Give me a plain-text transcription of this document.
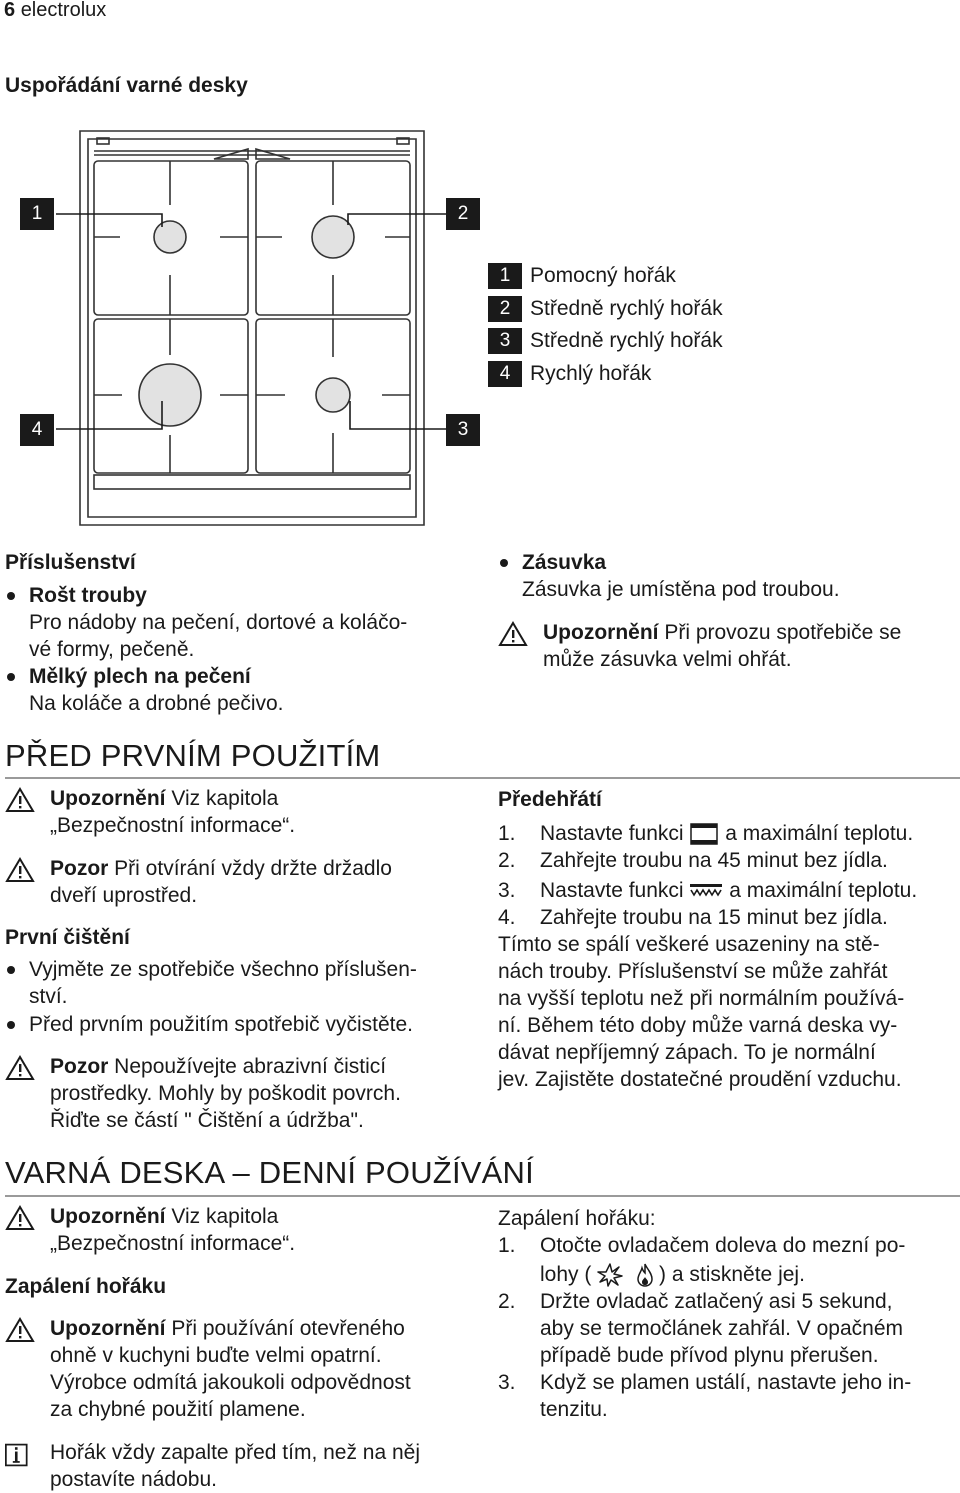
6 electrolux
Uspořádání varné desky
1	2
4	3
1 Pomocný hořák
2 Středně rychlý hořák
3 Středně rychlý hořák
4 Rychlý hořák
Příslušenství
Rošt trouby
Pro nádoby na pečení, dortové a koláčo-
vé formy, pečeně.
Mělký plech na pečení
Na koláče a drobné pečivo.
Zásuvka
Zásuvka je umístěna pod troubou.
Upozornění Při provozu spotřebiče se
může zásuvka velmi ohřát.
PŘED PRVNÍM POUŽITÍM
Upozornění Viz kapitola
„Bezpečnostní informace“.
Pozor Při otvírání vždy držte držadlo
dveří uprostřed.
První čištění
Vyjměte ze spotřebiče všechno příslušen-
ství.
Před prvním použitím spotřebič vyčistěte.
Pozor Nepoužívejte abrazivní čisticí
prostředky. Mohly by poškodit povrch.
Řiďte se částí " Čištění a údržba".
Předehřátí
1. Nastavte funkci  a maximální teplotu.
2. Zahřejte troubu na 45 minut bez jídla.
3. Nastavte funkci  a maximální teplotu.
4. Zahřejte troubu na 15 minut bez jídla.
Tímto se spálí veškeré usazeniny na stě-
nách trouby. Příslušenství se může zahřát
na vyšší teplotu než při normálním používá-
ní. Během této doby může varná deska vy-
dávat nepříjemný zápach. To je normální
jev. Zajistěte dostatečné proudění vzduchu.
VARNÁ DESKA – DENNÍ POUŽÍVÁNÍ
Upozornění Viz kapitola
„Bezpečnostní informace“.
Zapálení hořáku
Upozornění Při používání otevřeného
ohně v kuchyni buďte velmi opatrní.
Výrobce odmítá jakoukoli odpovědnost
za chybné použití plamene.
Hořák vždy zapalte před tím, než na něj
postavíte nádobu.
Zapálení hořáku:
1. Otočte ovladačem doleva do mezní po-
lohy (	) a stiskněte jej.
2. Držte ovladač zatlačený asi 5 sekund,
aby se termočlánek zahřál. V opačném
případě bude přívod plynu přerušen.
3. Když se plamen ustálí, nastavte jeho in-
tenzitu.
